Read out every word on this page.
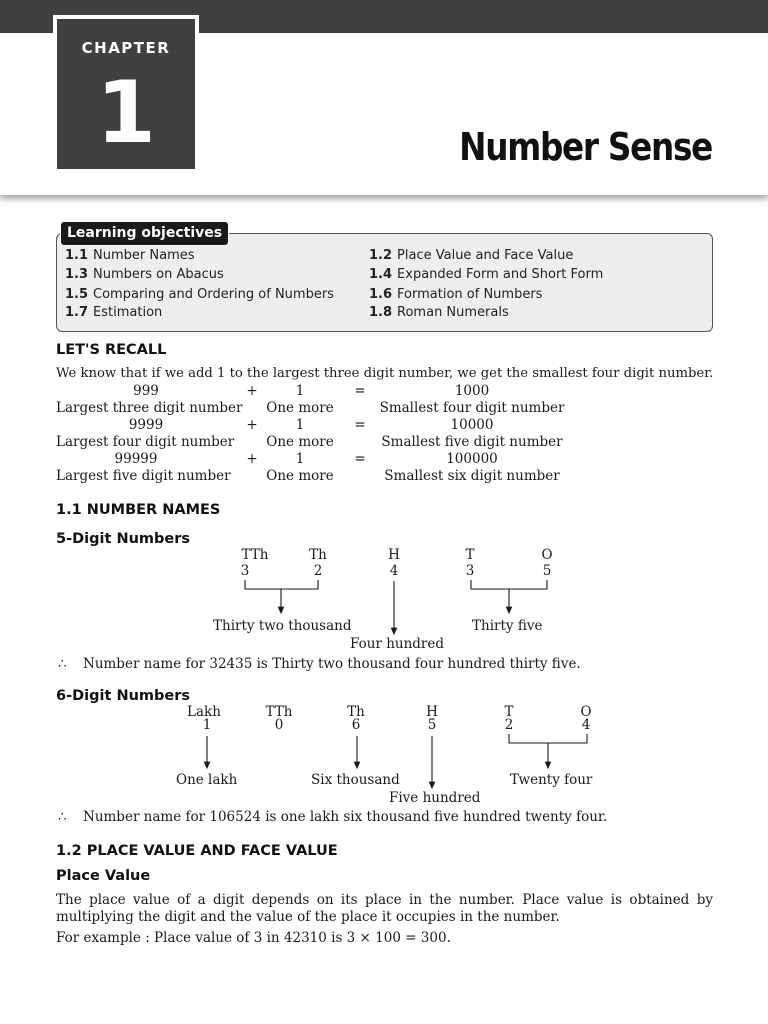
Number Sense
CHAPTER
1
Learning objectives
1.1 Number Names	1.2 Place Value and Face Value
1.3 Numbers on Abacus	1.4 Expanded Form and Short Form
1.5 Comparing and Ordering of Numbers	1.6 Formation of Numbers
1.7 Estimation	1.8 Roman Numerals
LET'S RECALL
We know that if we add 1 to the largest three digit number, we get the smallest four digit number.
999	+	1	=	1000
Largest three digit number	One more	Smallest four digit number
9999	+	1	=	10000
Largest four digit number	One more	Smallest five digit number
99999	+	1	=	100000
Largest five digit number	One more	Smallest six digit number
1.1 NUMBER NAMES
5-Digit Numbers
TTh	Th	H	T	O
3	2	4	3	5
Thirty two thousand
Four hundred
Thirty five
∴ Number name for 32435 is Thirty two thousand four hundred thirty five.
6-Digit Numbers
Lakh	TTh	Th	H	T	O
1	0	6	5	2	4
One lakh	Six thousand
Five hundred
Twenty four
∴ Number name for 106524 is one lakh six thousand five hundred twenty four.
1.2 PLACE VALUE AND FACE VALUE
Place Value
The place value of a digit depends on its place in the number. Place value is obtained by multiplying the digit and the value of the place it occupies in the number.
For example : Place value of 3 in 42310 is 3 × 100 = 300.
